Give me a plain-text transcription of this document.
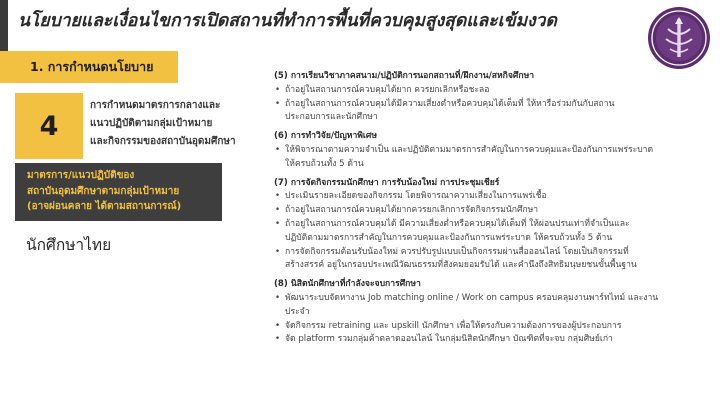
นโยบายและเงื่อนไขการเปิดสถานที่ทำการพื้นที่ควบคุมสูงสุดและเข้มงวด
1. การกำหนดนโยบาย
4
การกำหนดมาตรการกลางและ
แนวปฏิบัติตามกลุ่มเป้าหมาย
และกิจกรรมของสถาบันอุดมศึกษา
มาตรการ/แนวปฏิบัติของ
สถาบันอุดมศึกษาตามกลุ่มเป้าหมาย
(อาจผ่อนคลาย ได้ตามสถานการณ์)
นักศึกษาไทย
(5) การเรียนวิชาภาคสนาม/ปฏิบัติการนอกสถานที่/ฝึกงาน/สหกิจศึกษา
• ถ้าอยู่ในสถานการณ์ควบคุมได้ยาก ควรยกเลิกหรือชะลอ
• ถ้าอยู่ในสถานการณ์ควบคุมได้มีความเสี่ยงต่ำหรือควบคุมได้เต็มที่ ให้หารือร่วมกันกับสถาน
ประกอบการและนักศึกษา
(6) การทำวิจัย/ปัญหาพิเศษ
• ให้พิจารณาตามความจำเป็น และปฏิบัติตามมาตรการสำคัญในการควบคุมและป้องกันการแพร่ระบาด
ให้ครบถ้วนทั้ง 5 ด้าน
(7) การจัดกิจกรรมนักศึกษา การรับน้องใหม่ การประชุมเชียร์
• ประเมินรายละเอียดของกิจกรรม โดยพิจารณาความเสี่ยงในการแพร่เชื้อ
• ถ้าอยู่ในสถานการณ์ควบคุมได้ยากควรยกเลิกการจัดกิจกรรมนักศึกษา
• ถ้าอยู่ในสถานการณ์ควบคุมได้ มีความเสี่ยงต่ำหรือควบคุมได้เต็มที่ ให้ผ่อนปรนเท่าที่จำเป็นและ
ปฏิบัติตามมาตรการสำคัญในการควบคุมและป้องกันการแพร่ระบาด ให้ครบถ้วนทั้ง 5 ด้าน
• การจัดกิจกรรมต้อนรับน้องใหม่ ควรปรับรูปแบบเป็นกิจกรรมผ่านสื่อออนไลน์ โดยเป็นกิจกรรมที่
สร้างสรรค์ อยู่ในกรอบประเพณีวัฒนธรรมที่สังคมยอมรับได้ และคำนึงถึงสิทธิมนุษยชนขั้นพื้นฐาน
(8) นิสิตนักศึกษาที่กำลังจะจบการศึกษา
• พัฒนาระบบจัดหางาน Job matching online / Work on campus ครอบคลุมงานพาร์ทไทม์ และงาน
ประจำ
• จัดกิจกรรม retraining และ upskill นักศึกษา เพื่อให้ตรงกับความต้องการของผู้ประกอบการ
• จัด platform รวมกลุ่มค้าตลาดออนไลน์ ในกลุ่มนิสิตนักศึกษา บัณฑิตที่จะจบ กลุ่มศิษย์เก่า
